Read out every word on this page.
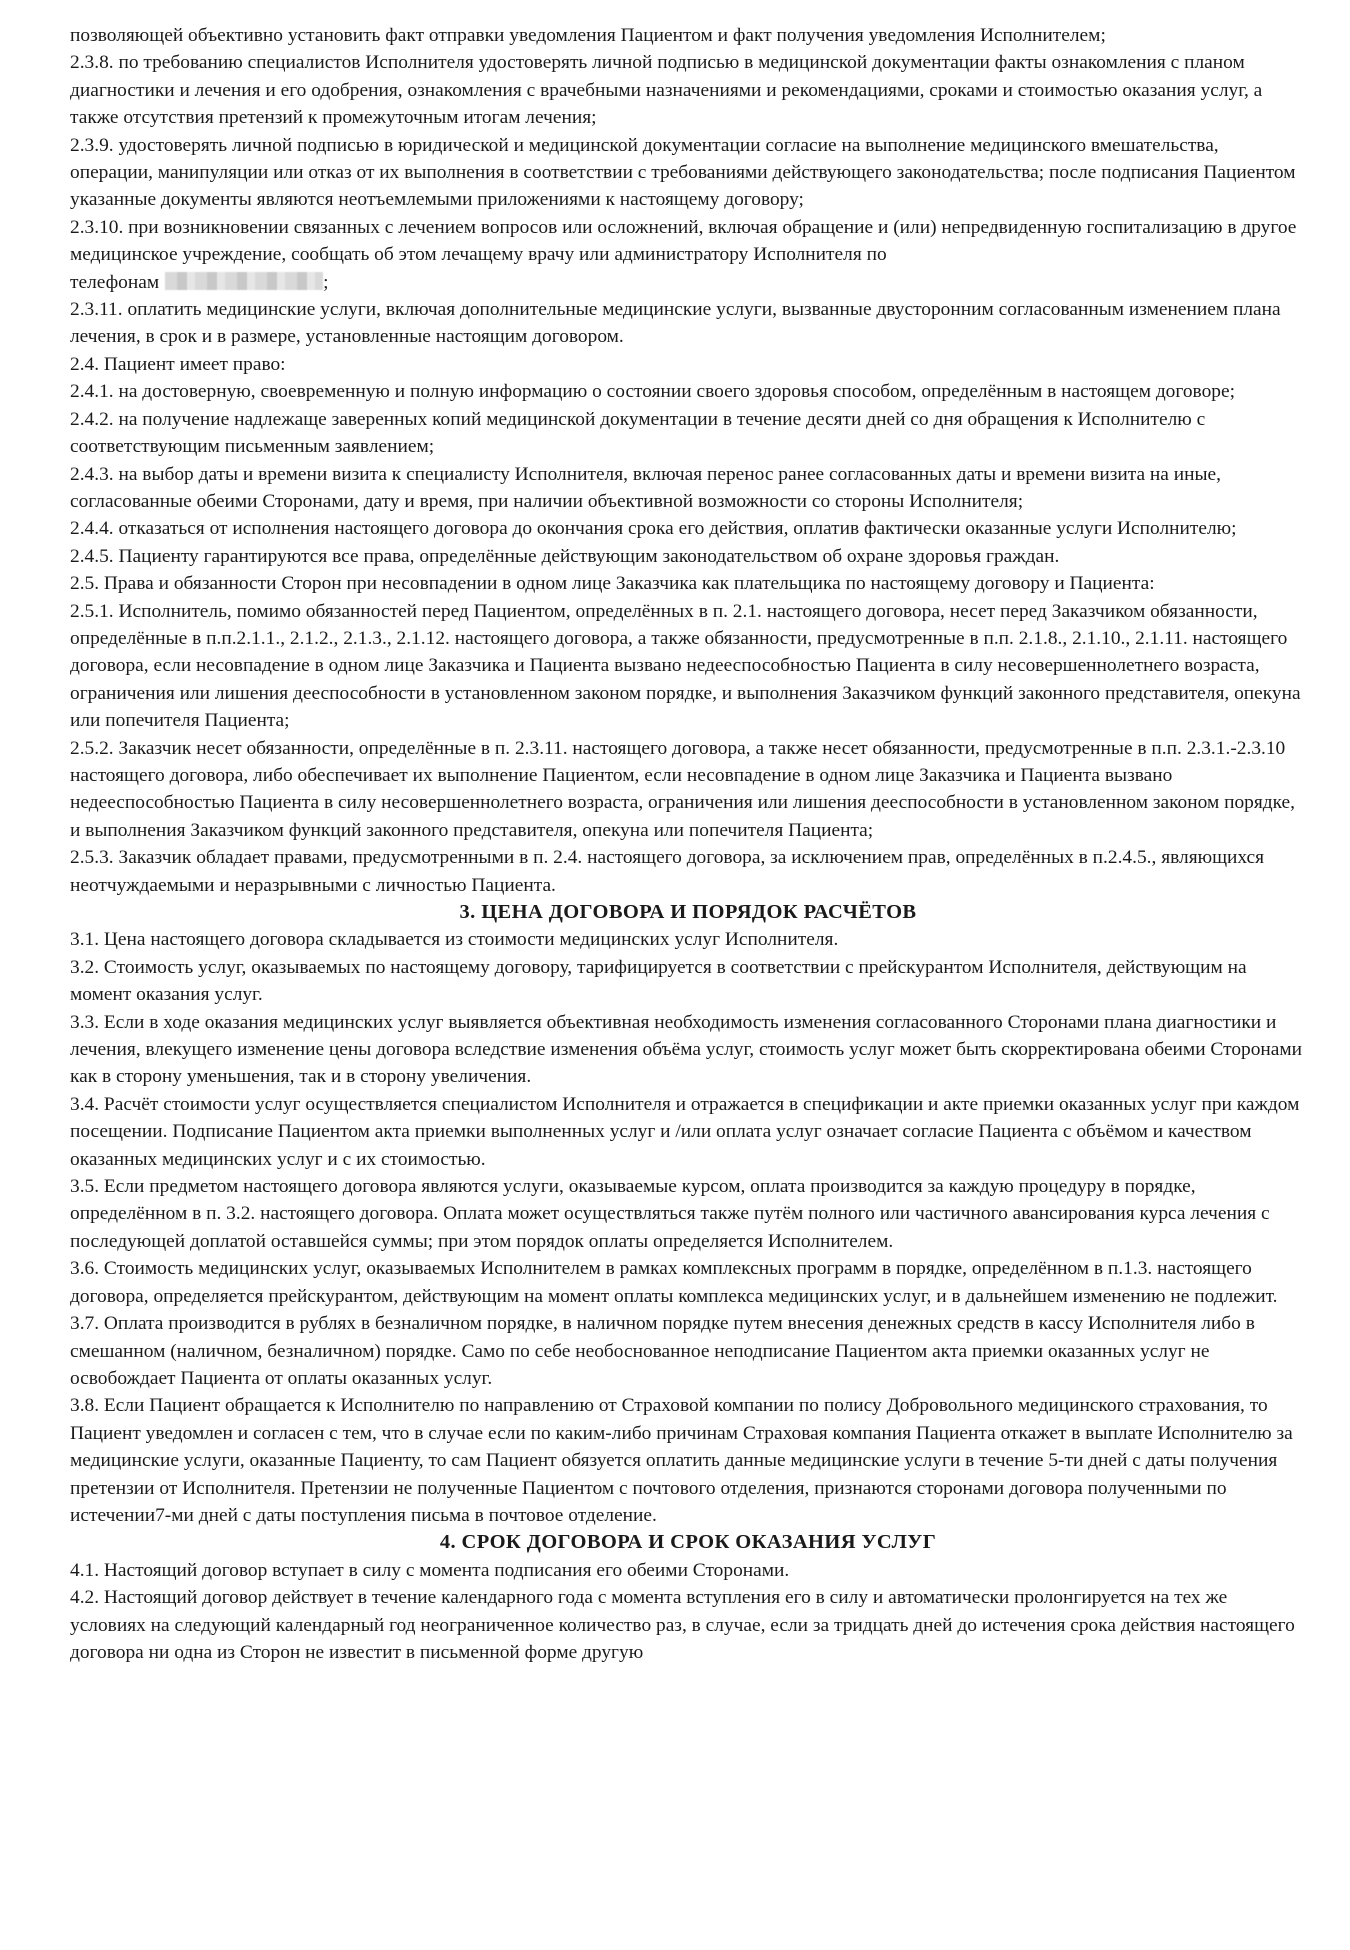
позволяющей объективно установить факт отправки уведомления Пациентом и факт получения уведомления Исполнителем;

2.3.8. по требованию специалистов Исполнителя удостоверять личной подписью в медицинской документации факты ознакомления с планом диагностики и лечения и его одобрения, ознакомления с врачебными назначениями и рекомендациями, сроками и стоимостью оказания услуг, а также отсутствия претензий к промежуточным итогам лечения;

2.3.9. удостоверять личной подписью в юридической и медицинской документации согласие на выполнение медицинского вмешательства, операции, манипуляции или отказ от их выполнения в соответствии с требованиями действующего законодательства; после подписания Пациентом указанные документы являются неотъемлемыми приложениями к настоящему договору;

2.3.10. при возникновении связанных с лечением вопросов или осложнений, включая обращение и (или) непредвиденную госпитализацию в другое медицинское учреждение, сообщать об этом лечащему врачу или администратору Исполнителя по

телефонам	;

2.3.11. оплатить медицинские услуги, включая дополнительные медицинские услуги, вызванные двусторонним согласованным изменением плана лечения, в срок и в размере, установленные настоящим договором.

2.4. Пациент имеет право:

2.4.1. на достоверную, своевременную и полную информацию о состоянии своего здоровья способом, определённым в настоящем договоре;

2.4.2. на получение надлежаще заверенных копий медицинской документации в течение десяти дней со дня обращения к Исполнителю с соответствующим письменным заявлением;

2.4.3. на выбор даты и времени визита к специалисту Исполнителя, включая перенос ранее согласованных даты и времени визита на иные, согласованные обеими Сторонами, дату и время, при наличии объективной возможности со стороны Исполнителя;

2.4.4. отказаться от исполнения настоящего договора до окончания срока его действия, оплатив фактически оказанные услуги Исполнителю;

2.4.5. Пациенту гарантируются все права, определённые действующим законодательством об охране здоровья граждан.

2.5. Права и обязанности Сторон при несовпадении в одном лице Заказчика как плательщика по настоящему договору и Пациента:

2.5.1. Исполнитель, помимо обязанностей перед Пациентом, определённых в п. 2.1. настоящего договора, несет перед Заказчиком обязанности, определённые в п.п.2.1.1., 2.1.2., 2.1.3., 2.1.12. настоящего договора, а также обязанности, предусмотренные в п.п. 2.1.8., 2.1.10., 2.1.11. настоящего договора, если несовпадение в одном лице Заказчика и Пациента вызвано недееспособностью Пациента в силу несовершеннолетнего возраста, ограничения или лишения дееспособности в установленном законом порядке, и выполнения Заказчиком функций законного представителя, опекуна или попечителя Пациента;

2.5.2. Заказчик несет обязанности, определённые в п. 2.3.11. настоящего договора, а также несет обязанности, предусмотренные в п.п. 2.3.1.-2.3.10 настоящего договора, либо обеспечивает их выполнение Пациентом, если несовпадение в одном лице Заказчика и Пациента вызвано недееспособностью Пациента в силу несовершеннолетнего возраста, ограничения или лишения дееспособности в установленном законом порядке, и выполнения Заказчиком функций законного представителя, опекуна или попечителя Пациента;

2.5.3. Заказчик обладает правами, предусмотренными в п. 2.4. настоящего договора, за исключением прав, определённых в п.2.4.5., являющихся неотчуждаемыми и неразрывными с личностью Пациента.

3. ЦЕНА ДОГОВОРА И ПОРЯДОК РАСЧЁТОВ

3.1. Цена настоящего договора складывается из стоимости медицинских услуг Исполнителя.

3.2. Стоимость услуг, оказываемых по настоящему договору, тарифицируется в соответствии с прейскурантом Исполнителя, действующим на момент оказания услуг.

3.3. Если в ходе оказания медицинских услуг выявляется объективная необходимость изменения согласованного Сторонами плана диагностики и лечения, влекущего изменение цены договора вследствие изменения объёма услуг, стоимость услуг может быть скорректирована обеими Сторонами как в сторону уменьшения, так и в сторону увеличения.

3.4. Расчёт стоимости услуг осуществляется специалистом Исполнителя и отражается в спецификации и акте приемки оказанных услуг при каждом посещении. Подписание Пациентом акта приемки выполненных услуг и /или оплата услуг означает согласие Пациента с объёмом и качеством оказанных медицинских услуг и с их стоимостью.

3.5. Если предметом настоящего договора являются услуги, оказываемые курсом, оплата производится за каждую процедуру в порядке, определённом в п. 3.2. настоящего договора. Оплата может осуществляться также путём полного или частичного авансирования курса лечения с последующей доплатой оставшейся суммы; при этом порядок оплаты определяется Исполнителем.

3.6. Стоимость медицинских услуг, оказываемых Исполнителем в рамках комплексных программ в порядке, определённом в п.1.3. настоящего договора, определяется прейскурантом, действующим на момент оплаты комплекса медицинских услуг, и в дальнейшем изменению не подлежит.

3.7. Оплата производится в рублях в безналичном порядке, в наличном порядке путем внесения денежных средств в кассу Исполнителя либо в смешанном (наличном, безналичном) порядке. Само по себе необоснованное неподписание Пациентом акта приемки оказанных услуг не освобождает Пациента от оплаты оказанных услуг.

3.8. Если Пациент обращается к Исполнителю по направлению от Страховой компании по полису Добровольного медицинского страхования, то Пациент уведомлен и согласен с тем, что в случае если по каким-либо причинам Страховая компания Пациента откажет в выплате Исполнителю за медицинские услуги, оказанные Пациенту, то сам Пациент обязуется оплатить данные медицинские услуги в течение 5-ти дней с даты получения претензии от Исполнителя. Претензии не полученные Пациентом с почтового отделения, признаются сторонами договора полученными по истечении7-ми дней с даты поступления письма в почтовое отделение.

4. СРОК ДОГОВОРА И СРОК ОКАЗАНИЯ УСЛУГ

4.1. Настоящий договор вступает в силу с момента подписания его обеими Сторонами.

4.2. Настоящий договор действует в течение календарного года с момента вступления его в силу и автоматически пролонгируется на тех же условиях на следующий календарный год неограниченное количество раз, в случае, если за тридцать дней до истечения срока действия настоящего договора ни одна из Сторон не известит в письменной форме другую
